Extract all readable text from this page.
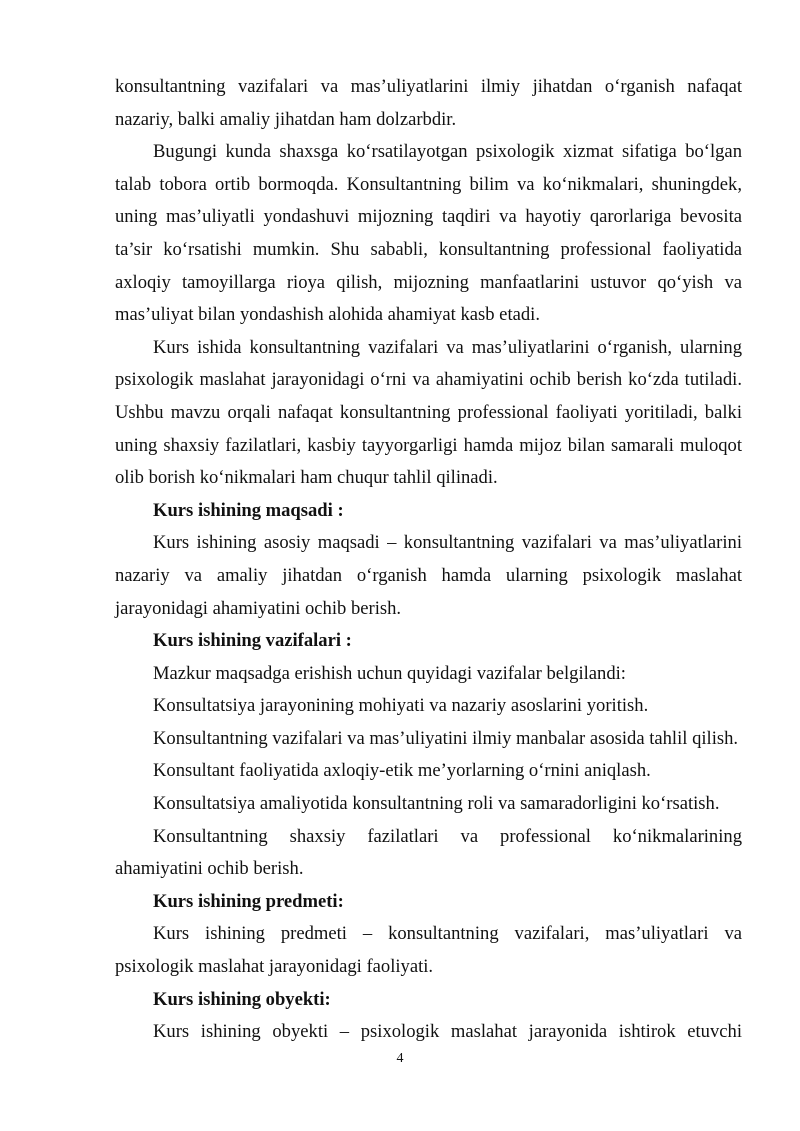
konsultantning vazifalari va mas’uliyatlarini ilmiy jihatdan o‘rganish nafaqat nazariy, balki amaliy jihatdan ham dolzarbdir.

Bugungi kunda shaxsga ko‘rsatilayotgan psixologik xizmat sifatiga bo‘lgan talab tobora ortib bormoqda. Konsultantning bilim va ko‘nikmalari, shuningdek, uning mas’uliyatli yondashuvi mijozning taqdiri va hayotiy qarorlariga bevosita ta’sir ko‘rsatishi mumkin. Shu sababli, konsultantning professional faoliyatida axloqiy tamoyillarga rioya qilish, mijozning manfaatlarini ustuvor qo‘yish va mas’uliyat bilan yondashish alohida ahamiyat kasb etadi.

Kurs ishida konsultantning vazifalari va mas’uliyatlarini o‘rganish, ularning psixologik maslahat jarayonidagi o‘rni va ahamiyatini ochib berish ko‘zda tutiladi. Ushbu mavzu orqali nafaqat konsultantning professional faoliyati yoritiladi, balki uning shaxsiy fazilatlari, kasbiy tayyorgarligi hamda mijoz bilan samarali muloqot olib borish ko‘nikmalari ham chuqur tahlil qilinadi.

Kurs ishining maqsadi :

Kurs ishining asosiy maqsadi – konsultantning vazifalari va mas’uliyatlarini nazariy va amaliy jihatdan o‘rganish hamda ularning psixologik maslahat jarayonidagi ahamiyatini ochib berish.

Kurs ishining vazifalari :

Mazkur maqsadga erishish uchun quyidagi vazifalar belgilandi:

Konsultatsiya jarayonining mohiyati va nazariy asoslarini yoritish.

Konsultantning vazifalari va mas’uliyatini ilmiy manbalar asosida tahlil qilish.

Konsultant faoliyatida axloqiy-etik me’yorlarning o‘rnini aniqlash.

Konsultatsiya amaliyotida konsultantning roli va samaradorligini ko‘rsatish.

Konsultantning shaxsiy fazilatlari va professional ko‘nikmalarining ahamiyatini ochib berish.

Kurs ishining predmeti:

Kurs ishining predmeti – konsultantning vazifalari, mas’uliyatlari va psixologik maslahat jarayonidagi faoliyati.

Kurs ishining obyekti:

Kurs ishining obyekti – psixologik maslahat jarayonida ishtirok etuvchi

4
